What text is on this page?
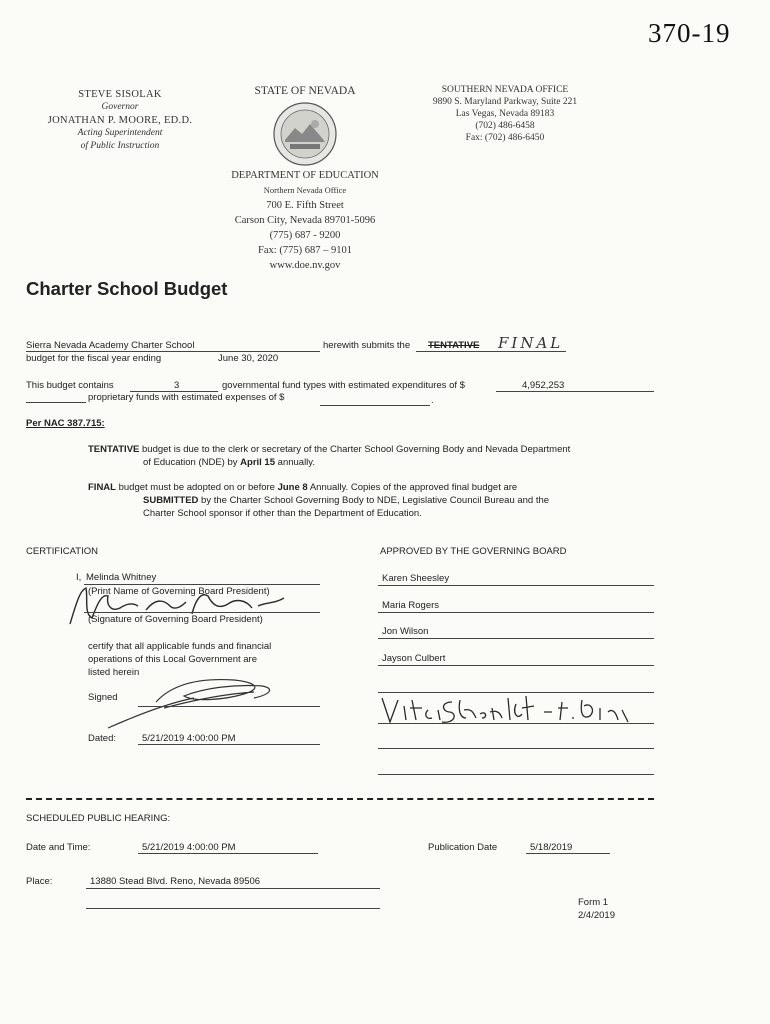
370-19
STEVE SISOLAK
Governor
JONATHAN P. MOORE, ED.D.
Acting Superintendent
of Public Instruction
STATE OF NEVADA	SOUTHERN NEVADA OFFICE
9890 S. Maryland Parkway, Suite 221
Las Vegas, Nevada 89183
(702) 486-6458
Fax: (702) 486-6450
DEPARTMENT OF EDUCATION
Northern Nevada Office
700 E. Fifth Street
Carson City, Nevada 89701-5096
(775) 687 - 9200
Fax: (775) 687 – 9101
www.doe.nv.gov
Charter School Budget
Sierra Nevada Academy Charter School	herewith submits the TENTATIVE FINAL
budget for the fiscal year ending	June 30, 2020
This budget contains	3	governmental fund types with estimated expenditures of $	4,952,253
proprietary funds with estimated expenses of $	.
Per NAC 387.715:
TENTATIVE budget is due to the clerk or secretary of the Charter School Governing Body and Nevada Department
of Education (NDE) by April 15 annually.
FINAL budget must be adopted on or before June 8 Annually. Copies of the approved final budget are
SUBMITTED by the Charter School Governing Body to NDE, Legislative Council Bureau and the
Charter School sponsor if other than the Department of Education.
CERTIFICATION
I, Melinda Whitney
(Print Name of Governing Board President)
(Signature of Governing Board President)
certify that all applicable funds and financial
operations of this Local Government are
listed herein
Signed
Dated:	5/21/2019 4:00:00 PM
APPROVED BY THE GOVERNING BOARD
Karen Sheesley
Maria Rogers
Jon Wilson
Jayson Culbert
SCHEDULED PUBLIC HEARING:
Date and Time:	5/21/2019 4:00:00 PM	Publication Date	5/18/2019
Place:	13880 Stead Blvd. Reno, Nevada 89506
Form 1
2/4/2019
